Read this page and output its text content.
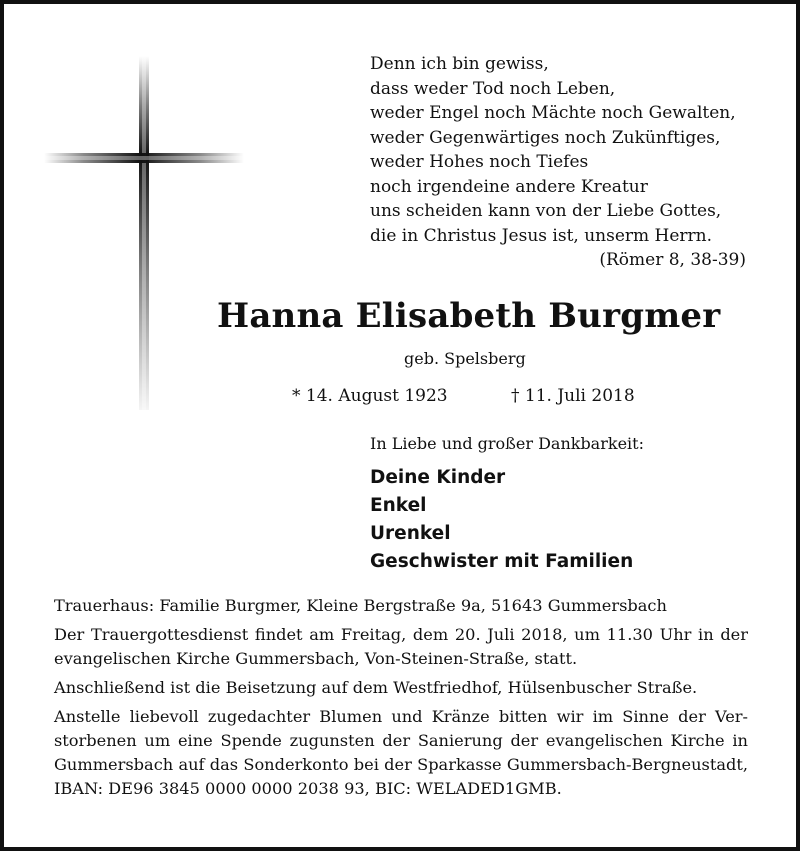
Denn ich bin gewiss,
dass weder Tod noch Leben,
weder Engel noch Mächte noch Gewalten,
weder Gegenwärtiges noch Zukünftiges,
weder Hohes noch Tiefes
noch irgendeine andere Kreatur
uns scheiden kann von der Liebe Gottes,
die in Christus Jesus ist, unserm Herrn.
(Römer 8, 38-39)
Hanna Elisabeth Burgmer
geb. Spelsberg
* 14. August 1923	† 11. Juli 2018
In Liebe und großer Dankbarkeit:
Deine Kinder
Enkel
Urenkel
Geschwister mit Familien

Trauerhaus: Familie Burgmer, Kleine Bergstraße 9a, 51643 Gummersbach

Der Trauergottesdienst findet am Freitag, dem 20. Juli 2018, um 11.30 Uhr in der
evangelischen Kirche Gummersbach, Von-Steinen-Straße, statt.

Anschließend ist die Beisetzung auf dem Westfriedhof, Hülsenbuscher Straße.

Anstelle liebevoll zugedachter Blumen und Kränze bitten wir im Sinne der Ver-
storbenen um eine Spende zugunsten der Sanierung der evangelischen Kirche in
Gummersbach auf das Sonderkonto bei der Sparkasse Gummersbach-Bergneustadt,
IBAN: DE96 3845 0000 0000 2038 93, BIC: WELADED1GMB.
